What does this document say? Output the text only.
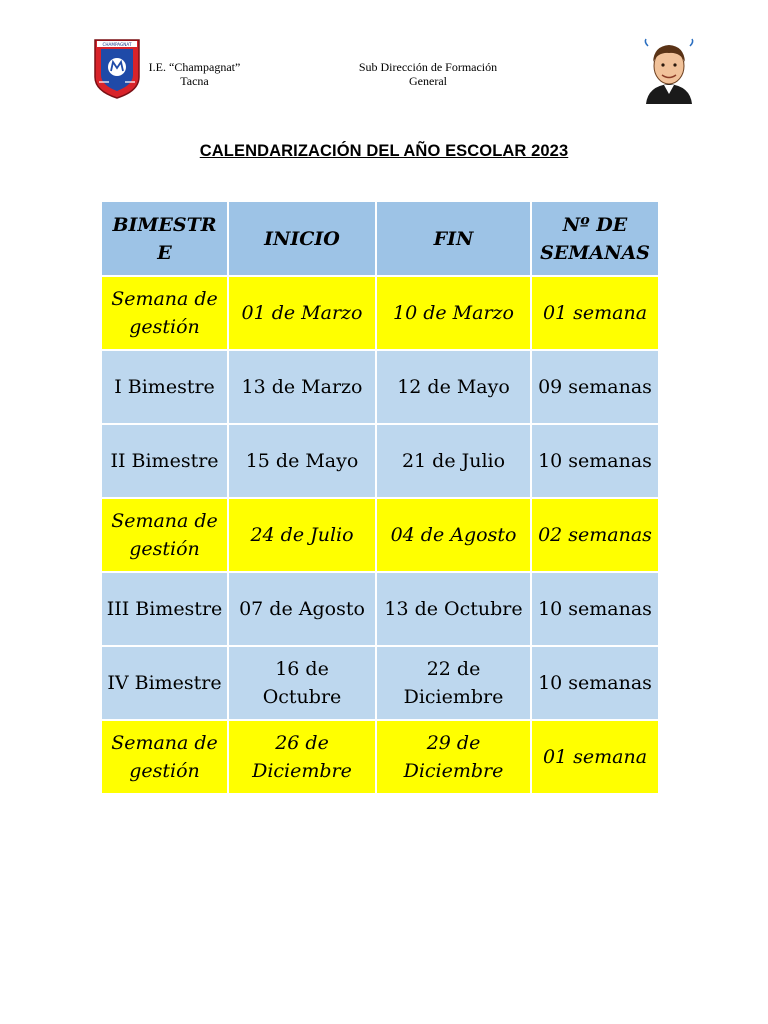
CHAMPAGNAT
I.E. “Champagnat”
Tacna
Sub Dirección de Formación
General
CALENDARIZACIÓN DEL AÑO ESCOLAR 2023
BIMESTR E	INICIO	FIN	Nº DE SEMANAS
Semana de gestión	01 de Marzo	10 de Marzo	01 semana
I Bimestre	13 de Marzo	12 de Mayo	09 semanas
II Bimestre	15 de Mayo	21 de Julio	10 semanas
Semana de gestión	24 de Julio	04 de Agosto	02 semanas
III Bimestre	07 de Agosto	13 de Octubre	10 semanas
IV Bimestre	16 de Octubre	22 de Diciembre	10 semanas
Semana de gestión	26 de Diciembre	29 de Diciembre	01 semana
